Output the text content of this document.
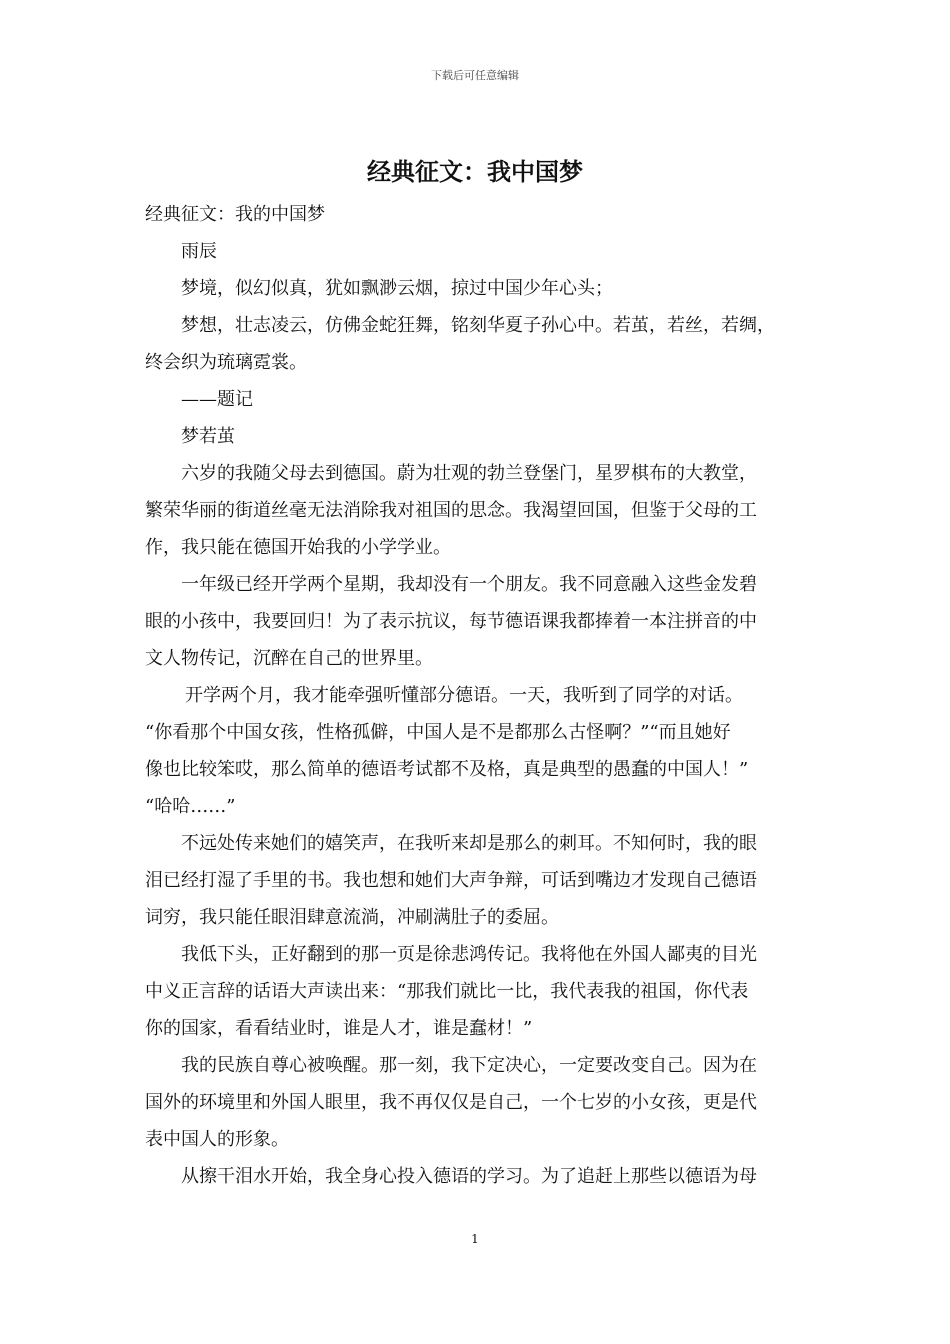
下载后可任意编辑
经典征文：我中国梦
经典征文：我的中国梦
雨辰
梦境，似幻似真，犹如飘渺云烟，掠过中国少年心头；
梦想，壮志凌云，仿佛金蛇狂舞，铭刻华夏子孙心中。若茧，若丝，若绸，
终会织为琉璃霓裳。
——题记
梦若茧
六岁的我随父母去到德国。蔚为壮观的勃兰登堡门，星罗棋布的大教堂，
繁荣华丽的街道丝毫无法消除我对祖国的思念。我渴望回国，但鉴于父母的工
作，我只能在德国开始我的小学学业。
一年级已经开学两个星期，我却没有一个朋友。我不同意融入这些金发碧
眼的小孩中，我要回归！为了表示抗议，每节德语课我都捧着一本注拼音的中
文人物传记，沉醉在自己的世界里。
开学两个月，我才能牵强听懂部分德语。一天，我听到了同学的对话。
“你看那个中国女孩，性格孤僻，中国人是不是都那么古怪啊？”“而且她好
像也比较笨哎，那么简单的德语考试都不及格，真是典型的愚蠢的中国人！”
“哈哈……”
不远处传来她们的嬉笑声，在我听来却是那么的刺耳。不知何时，我的眼
泪已经打湿了手里的书。我也想和她们大声争辩，可话到嘴边才发现自己德语
词穷，我只能任眼泪肆意流淌，冲刷满肚子的委屈。
我低下头，正好翻到的那一页是徐悲鸿传记。我将他在外国人鄙夷的目光
中义正言辞的话语大声读出来：“那我们就比一比，我代表我的祖国，你代表
你的国家，看看结业时，谁是人才，谁是蠢材！”
我的民族自尊心被唤醒。那一刻，我下定决心，一定要改变自己。因为在
国外的环境里和外国人眼里，我不再仅仅是自己，一个七岁的小女孩，更是代
表中国人的形象。
从擦干泪水开始，我全身心投入德语的学习。为了追赶上那些以德语为母
1
